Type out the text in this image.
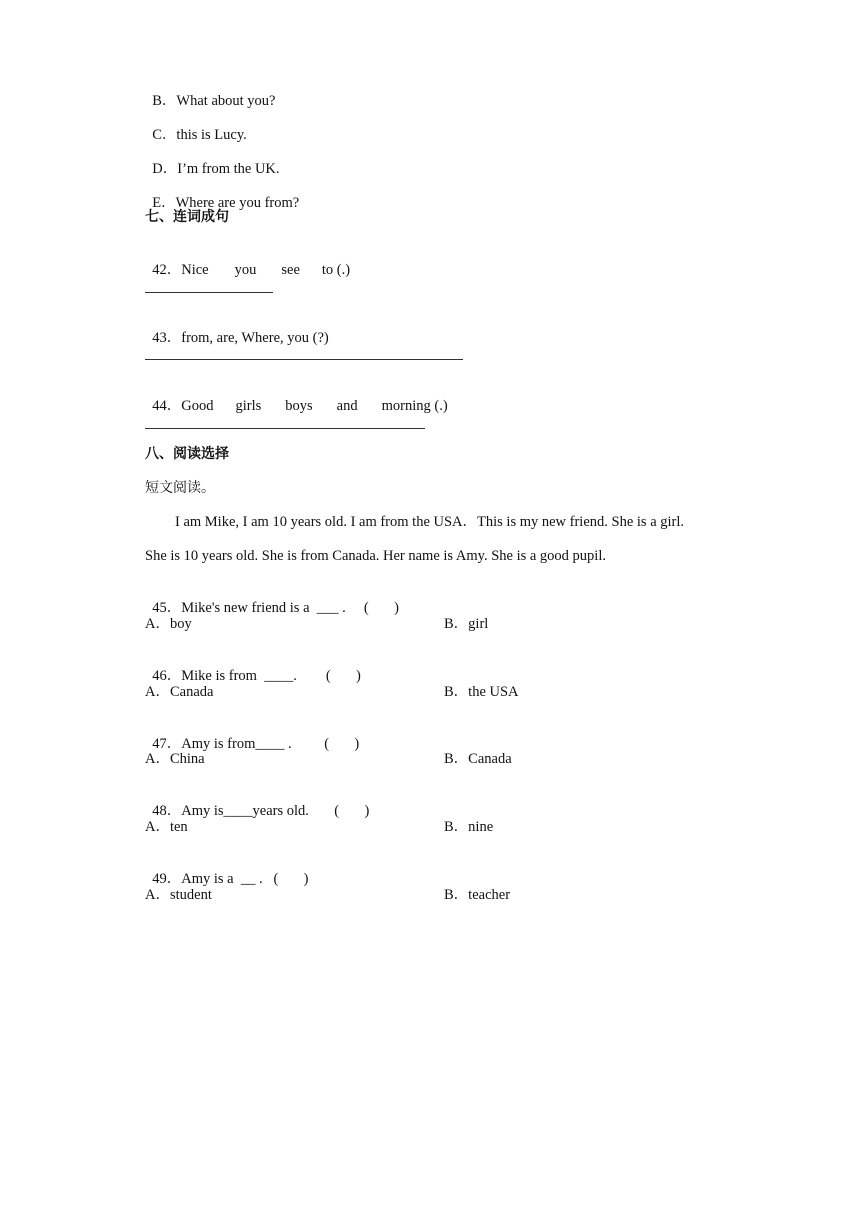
B．What about you?

C．this is Lucy.

D．I’m from the UK.

E．Where are you from?

七、连词成句

42．Nice you see to (.)

43．from, are, Where, you (?)

44．Good girls boys and morning (.)

八、阅读选择
短文阅读。
I am Mike, I am 10 years old. I am from the USA．This is my new friend. She is a girl.
She is 10 years old. She is from Canada. Her name is Amy. She is a good pupil.

45．Mike's new friend is a  ___ .     (       )

A．boy	B．girl

46．Mike is from  ____.        (       )

A．Canada	B．the USA

47．Amy is from____ .         (       )

A．China	B．Canada

48．Amy is____years old.       (       )

A．ten	B．nine

49．Amy is a  __ .   (       )

A．student	B．teacher
